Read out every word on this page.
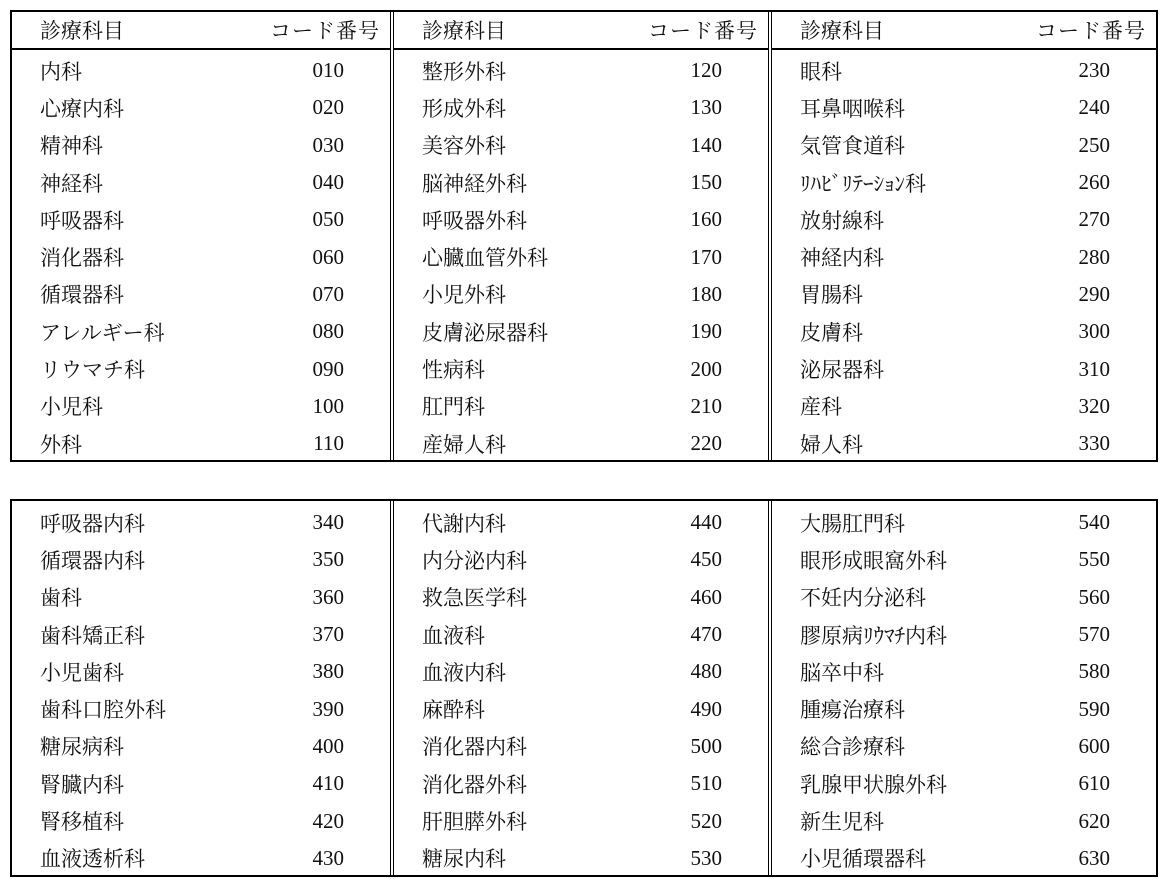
診療科目	コード番号
内科	010
心療内科	020
精神科	030
神経科	040
呼吸器科	050
消化器科	060
循環器科	070
アレルギー科	080
リウマチ科	090
小児科	100
外科	110
診療科目	コード番号
整形外科	120
形成外科	130
美容外科	140
脳神経外科	150
呼吸器外科	160
心臓血管外科	170
小児外科	180
皮膚泌尿器科	190
性病科	200
肛門科	210
産婦人科	220
診療科目	コード番号
眼科	230
耳鼻咽喉科	240
気管食道科	250
ﾘﾊﾋﾞﾘﾃｰｼｮﾝ科	260
放射線科	270
神経内科	280
胃腸科	290
皮膚科	300
泌尿器科	310
産科	320
婦人科	330
呼吸器内科	340
循環器内科	350
歯科	360
歯科矯正科	370
小児歯科	380
歯科口腔外科	390
糖尿病科	400
腎臓内科	410
腎移植科	420
血液透析科	430
代謝内科	440
内分泌内科	450
救急医学科	460
血液科	470
血液内科	480
麻酔科	490
消化器内科	500
消化器外科	510
肝胆膵外科	520
糖尿内科	530
大腸肛門科	540
眼形成眼窩外科	550
不妊内分泌科	560
膠原病ﾘｳﾏﾁ内科	570
脳卒中科	580
腫瘍治療科	590
総合診療科	600
乳腺甲状腺外科	610
新生児科	620
小児循環器科	630
